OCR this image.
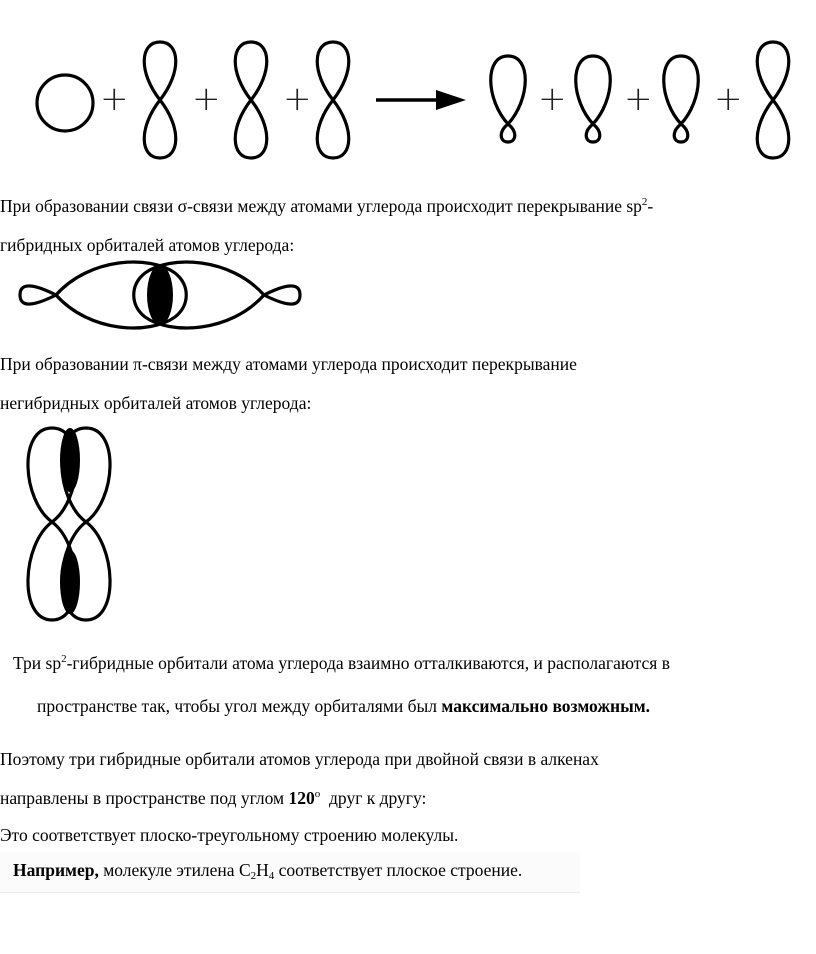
+ + +	+ + +
При образовании связи σ-связи между атомами углерода происходит перекрывание $sp^2-$
гибридных орбиталей атомов углерода:
При образовании π-связи между атомами углерода происходит перекрывание
негибридных орбиталей атомов углерода:
Три $sp^2$-гибридные орбитали атома углерода взаимно отталкиваются, и располагаются в
пространстве так, чтобы угол между орбиталями был максимально возможным.
Поэтому три гибридные орбитали атомов углерода при двойной связи в алкенах
направлены в пространстве под углом $120^о$  друг к другу:
Это соответствует плоско-треугольному строению молекулы.
Например, молекуле этилена $C_2H_4$ соответствует плоское строение.
